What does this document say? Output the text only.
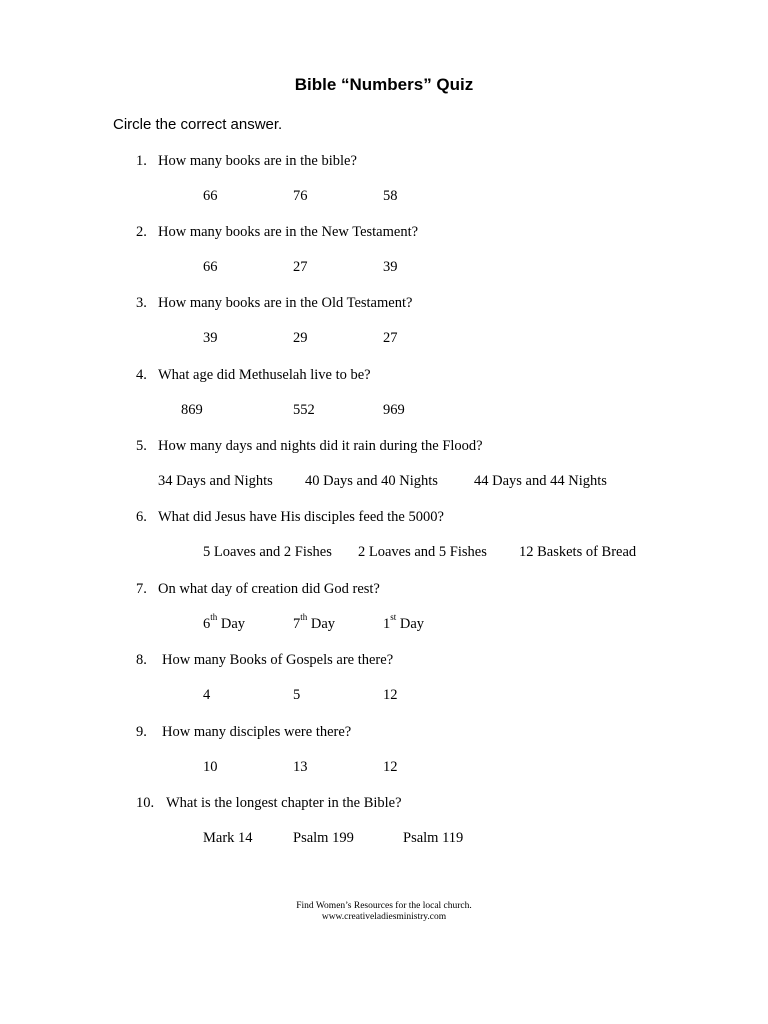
Bible “Numbers” Quiz
Circle the correct answer.
1. How many books are in the bible?
66	76	58
2. How many books are in the New Testament?
66	27	39
3. How many books are in the Old Testament?
39	29	27
4. What age did Methuselah live to be?
869	552	969
5. How many days and nights did it rain during the Flood?
34 Days and Nights 40 Days and 40 Nights 44 Days and 44 Nights
6. What did Jesus have His disciples feed the 5000?
5 Loaves and 2 Fishes 2 Loaves and 5 Fishes 12 Baskets of Bread
7. On what day of creation did God rest?
6th Day	7th Day	1st Day
8. How many Books of Gospels are there?
4	5	12
9. How many disciples were there?
10	13	12
10. What is the longest chapter in the Bible?
Mark 14	Psalm 199	Psalm 119
Find Women’s Resources for the local church.
www.creativeladiesministry.com
